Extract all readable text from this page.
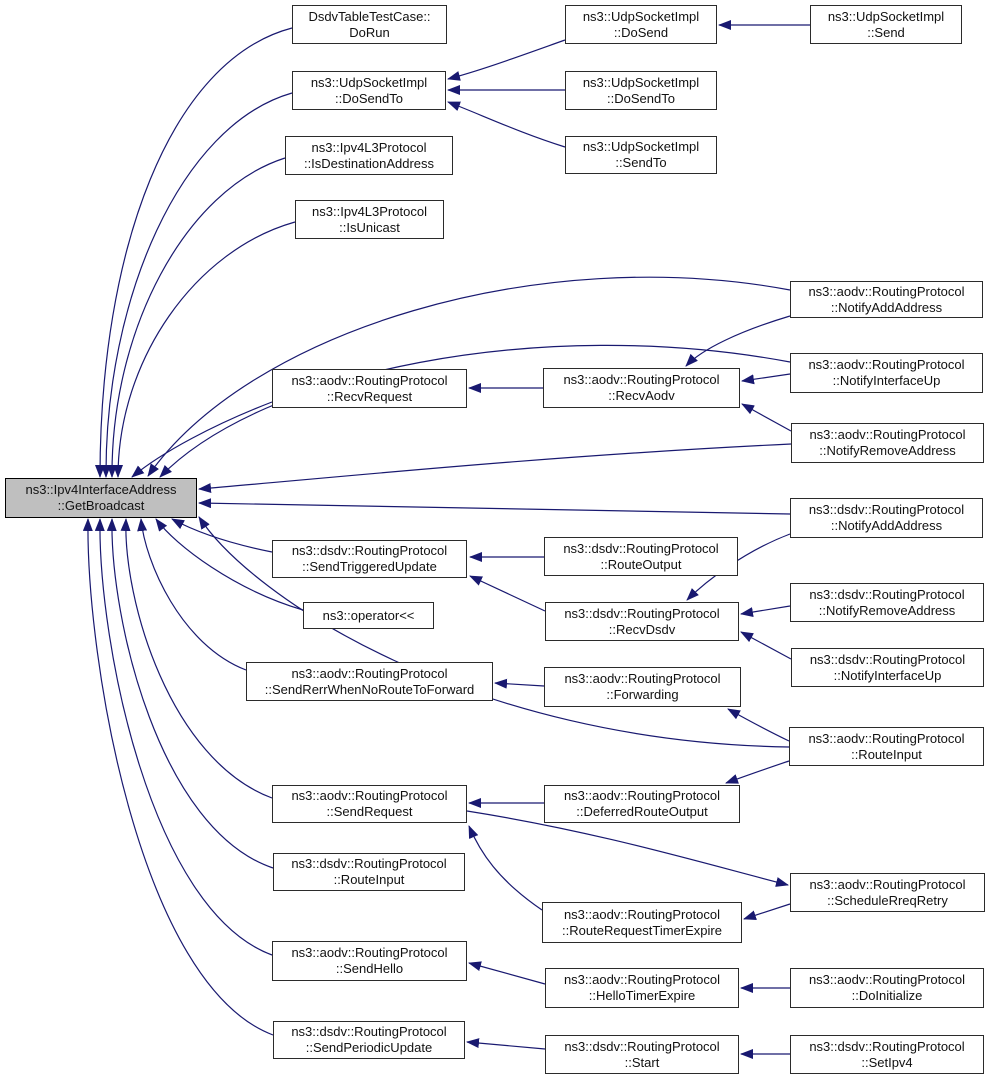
ns3::Ipv4InterfaceAddress
::GetBroadcast
DsdvTableTestCase::
DoRun
ns3::UdpSocketImpl
::DoSendTo
ns3::Ipv4L3Protocol
::IsDestinationAddress
ns3::Ipv4L3Protocol
::IsUnicast
ns3::aodv::RoutingProtocol
::RecvRequest
ns3::dsdv::RoutingProtocol
::SendTriggeredUpdate
ns3::operator<<
ns3::aodv::RoutingProtocol
::SendRerrWhenNoRouteToForward
ns3::aodv::RoutingProtocol
::SendRequest
ns3::dsdv::RoutingProtocol
::RouteInput
ns3::aodv::RoutingProtocol
::SendHello
ns3::dsdv::RoutingProtocol
::SendPeriodicUpdate
ns3::UdpSocketImpl
::DoSend
ns3::UdpSocketImpl
::DoSendTo
ns3::UdpSocketImpl
::SendTo
ns3::aodv::RoutingProtocol
::RecvAodv
ns3::dsdv::RoutingProtocol
::RouteOutput
ns3::dsdv::RoutingProtocol
::RecvDsdv
ns3::aodv::RoutingProtocol
::Forwarding
ns3::aodv::RoutingProtocol
::DeferredRouteOutput
ns3::aodv::RoutingProtocol
::RouteRequestTimerExpire
ns3::aodv::RoutingProtocol
::HelloTimerExpire
ns3::dsdv::RoutingProtocol
::Start
ns3::UdpSocketImpl
::Send
ns3::aodv::RoutingProtocol
::NotifyAddAddress
ns3::aodv::RoutingProtocol
::NotifyInterfaceUp
ns3::aodv::RoutingProtocol
::NotifyRemoveAddress
ns3::dsdv::RoutingProtocol
::NotifyAddAddress
ns3::dsdv::RoutingProtocol
::NotifyRemoveAddress
ns3::dsdv::RoutingProtocol
::NotifyInterfaceUp
ns3::aodv::RoutingProtocol
::RouteInput
ns3::aodv::RoutingProtocol
::ScheduleRreqRetry
ns3::aodv::RoutingProtocol
::DoInitialize
ns3::dsdv::RoutingProtocol
::SetIpv4
